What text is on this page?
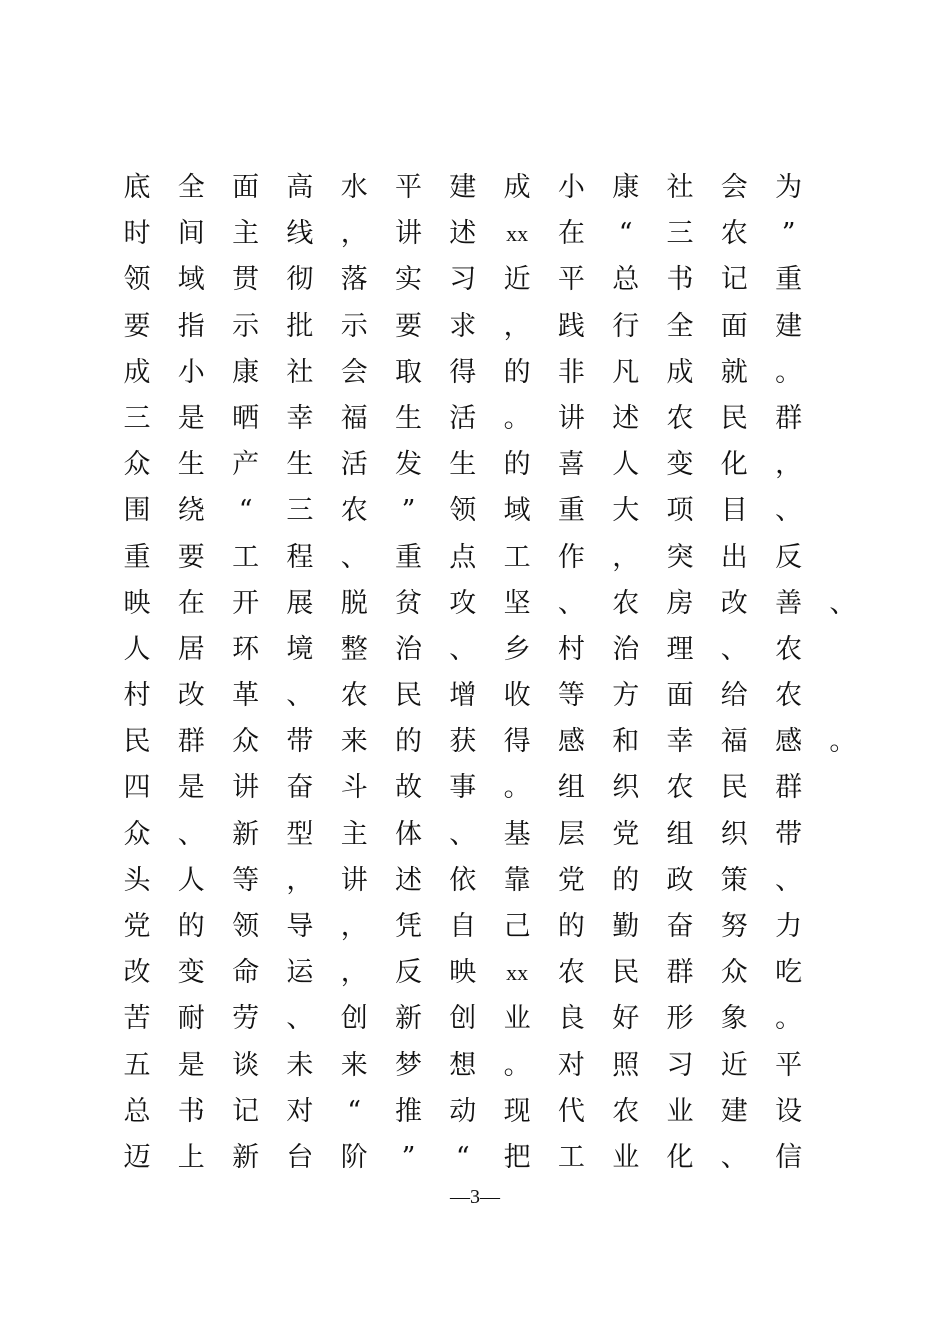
底 全 面 高 水 平 建 成 小 康 社 会 为
时 间 主 线 ， 讲 述	xx	在	“	三 农	”
领 域 贯 彻 落 实 习 近 平 总 书 记 重
要 指 示 批 示 要 求 ， 践 行 全 面 建
成 小 康 社 会 取 得 的 非 凡 成 就 。
三 是 晒 幸 福 生 活 。 讲 述 农 民 群
众 生 产 生 活 发 生 的 喜 人 变 化 ，
围 绕	“	三 农	”	领 域 重 大 项 目 、
重 要 工 程 、 重 点 工 作 ， 突 出 反
映 在 开 展 脱 贫 攻 坚 、 农 房 改 善 、
人 居 环 境 整 治 、 乡 村 治 理 、 农
村 改 革 、 农 民 增 收 等 方 面 给 农
民 群 众 带 来 的 获 得 感 和 幸 福 感 。
四 是 讲 奋 斗 故 事 。 组 织 农 民 群
众 、 新 型 主 体 、 基 层 党 组 织 带
头 人 等 ， 讲 述 依 靠 党 的 政 策 、
党 的 领 导 ， 凭 自 己 的 勤 奋 努 力
改 变 命 运 ， 反 映	xx	农 民 群 众 吃
苦 耐 劳 、 创 新 创 业 良 好 形 象 。
五 是 谈 未 来 梦 想 。 对 照 习 近 平
总 书 记 对	“	推 动 现 代 农 业 建 设
迈 上 新 台 阶	”	“	把 工 业 化 、 信
—3—
